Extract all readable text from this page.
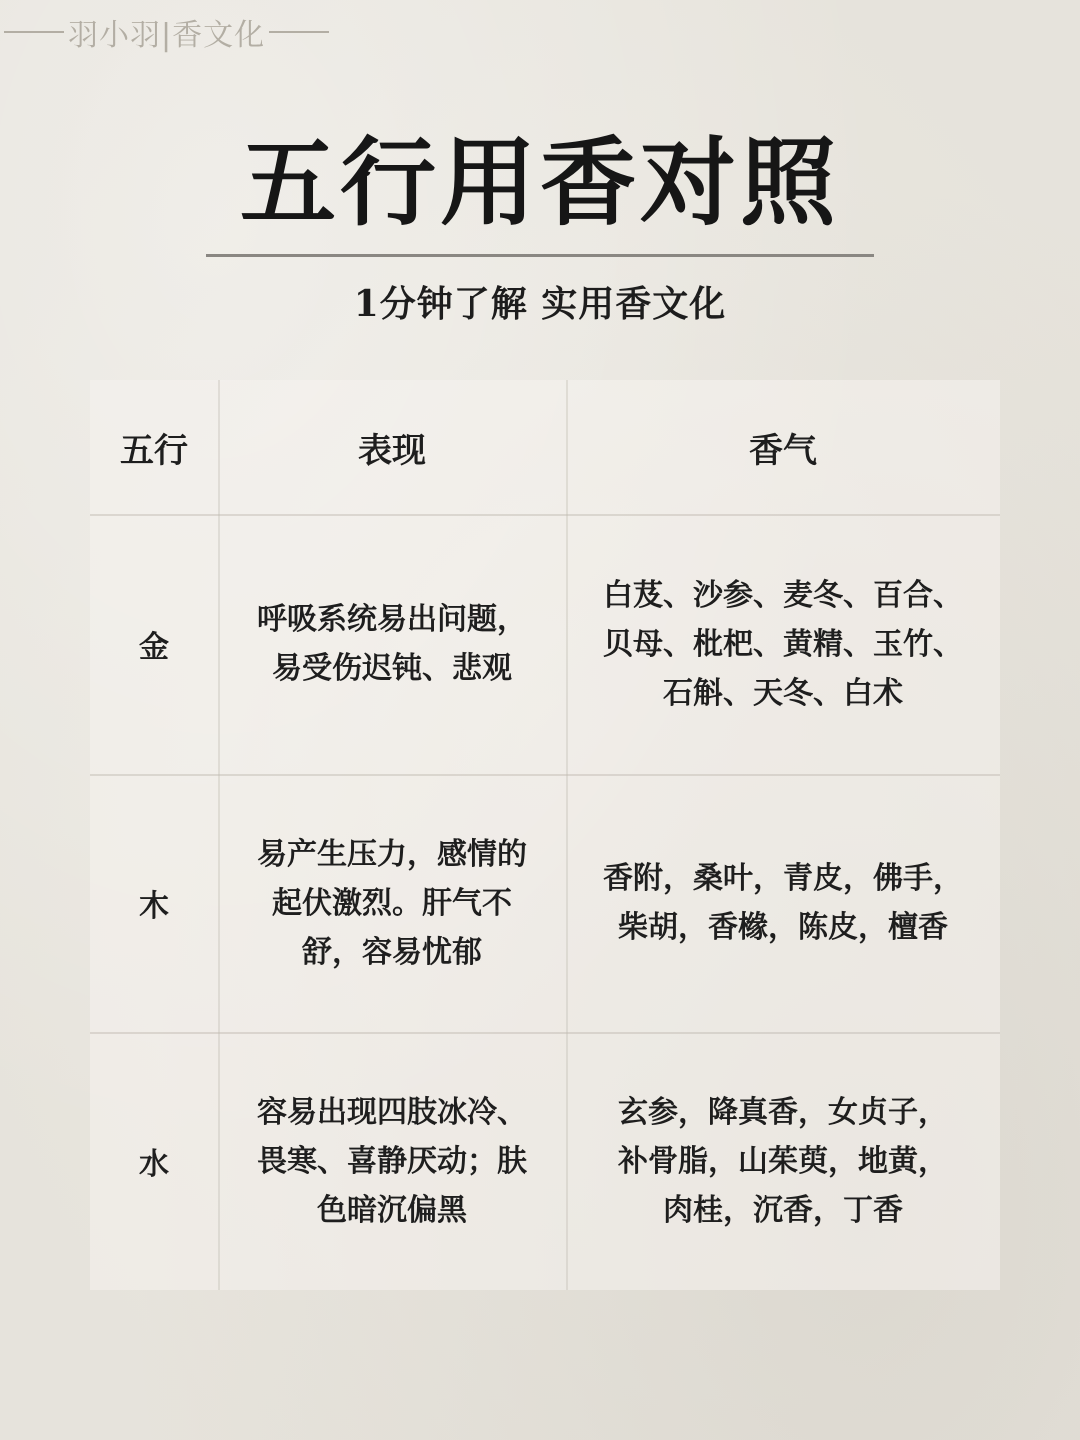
羽小羽|香文化
五行用香对照
1分钟了解 实用香文化
五行	表现	香气
金
呼吸系统易出问题，
易受伤迟钝、悲观
白芨、沙参、麦冬、百合、
贝母、枇杷、黄精、玉竹、
石斛、天冬、白术
木
易产生压力，感情的
起伏激烈。肝气不
舒，容易忧郁
香附，桑叶，青皮，佛手，
柴胡，香橼，陈皮，檀香
水
容易出现四肢冰冷、
畏寒、喜静厌动；肤
色暗沉偏黑
玄参，降真香，女贞子，
补骨脂，山茱萸，地黄，
肉桂，沉香，丁香
